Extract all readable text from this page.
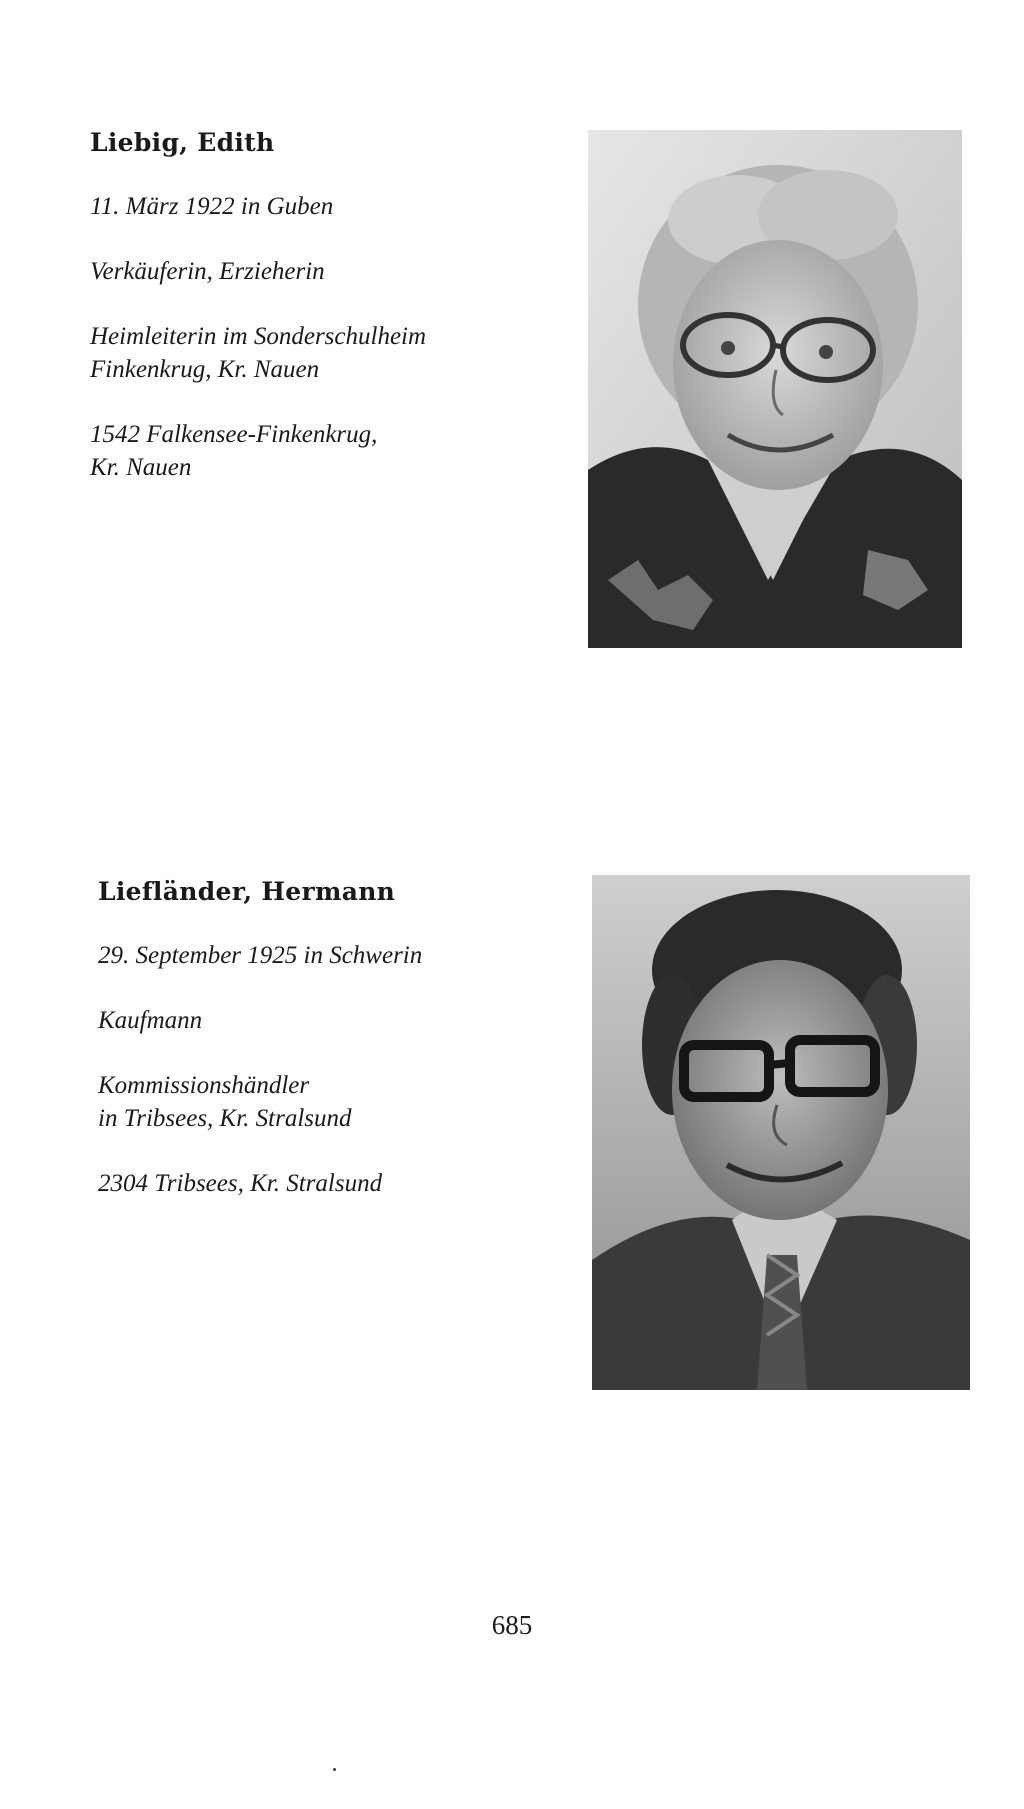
Liebig, Edith
11. März 1922 in Guben
Verkäuferin, Erzieherin
Heimleiterin im Sonderschulheim
Finkenkrug, Kr. Nauen
1542 Falkensee-Finkenkrug,
Kr. Nauen
Liefländer, Hermann
29. September 1925 in Schwerin
Kaufmann
Kommissionshändler
in Tribsees, Kr. Stralsund
2304 Tribsees, Kr. Stralsund
685
